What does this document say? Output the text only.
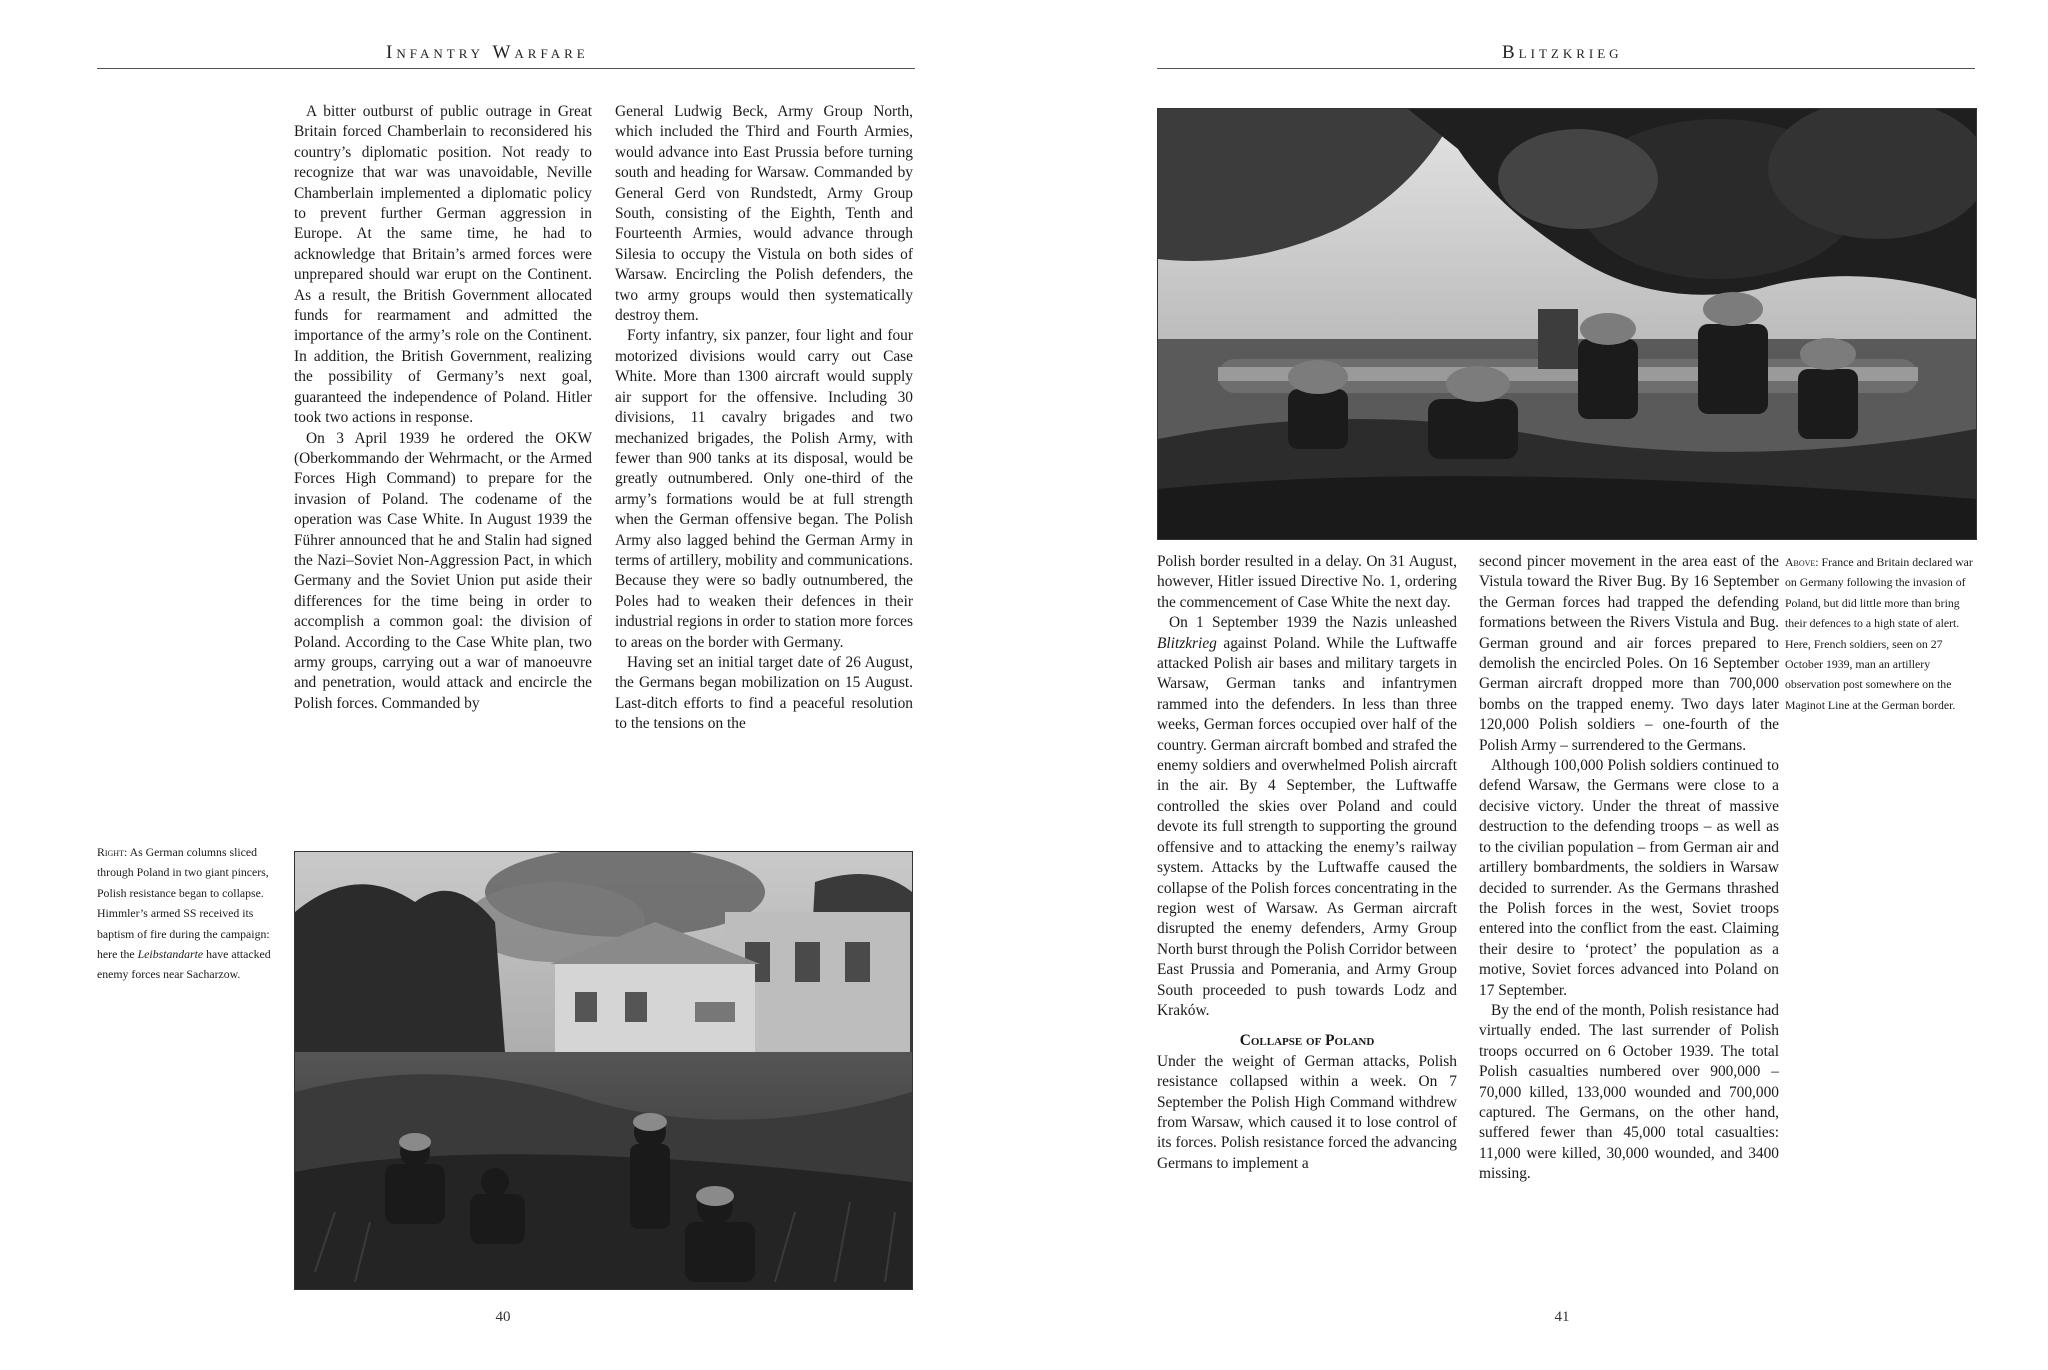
Infantry Warfare

A bitter outburst of public outrage in Great Britain forced Chamberlain to reconsidered his country’s diplomatic position. Not ready to recognize that war was unavoidable, Neville Chamberlain implemented a diplomatic policy to prevent further German aggression in Europe. At the same time, he had to acknowledge that Britain’s armed forces were unprepared should war erupt on the Continent. As a result, the British Government allocated funds for rearmament and admitted the importance of the army’s role on the Continent. In addition, the British Government, realizing the possibility of Germany’s next goal, guaranteed the independence of Poland. Hitler took two actions in response.

On 3 April 1939 he ordered the OKW (Oberkommando der Wehrmacht, or the Armed Forces High Command) to prepare for the invasion of Poland. The codename of the operation was Case White. In August 1939 the Führer announced that he and Stalin had signed the Nazi–Soviet Non-Aggression Pact, in which Germany and the Soviet Union put aside their differences for the time being in order to accomplish a common goal: the division of Poland. According to the Case White plan, two army groups, carrying out a war of manoeuvre and penetration, would attack and encircle the Polish forces. Commanded by

General Ludwig Beck, Army Group North, which included the Third and Fourth Armies, would advance into East Prussia before turning south and heading for Warsaw. Commanded by General Gerd von Rundstedt, Army Group South, consisting of the Eighth, Tenth and Fourteenth Armies, would advance through Silesia to occupy the Vistula on both sides of Warsaw. Encircling the Polish defenders, the two army groups would then systematically destroy them.

Forty infantry, six panzer, four light and four motorized divisions would carry out Case White. More than 1300 aircraft would supply air support for the offensive. Including 30 divisions, 11 cavalry brigades and two mechanized brigades, the Polish Army, with fewer than 900 tanks at its disposal, would be greatly outnumbered. Only one-third of the army’s formations would be at full strength when the German offensive began. The Polish Army also lagged behind the German Army in terms of artillery, mobility and communications. Because they were so badly outnumbered, the Poles had to weaken their defences in their industrial regions in order to station more forces to areas on the border with Germany.

Having set an initial target date of 26 August, the Germans began mobilization on 15 August. Last-ditch efforts to find a peaceful resolution to the tensions on the

Right: As German columns sliced through Poland in two giant pincers, Polish resistance began to collapse. Himmler’s armed SS received its baptism of fire during the campaign: here the Leibstandarte have attacked enemy forces near Sacharzow.
40
Blitzkrieg

Polish border resulted in a delay. On 31 August, however, Hitler issued Directive No. 1, ordering the commencement of Case White the next day.

On 1 September 1939 the Nazis unleashed Blitzkrieg against Poland. While the Luftwaffe attacked Polish air bases and military targets in Warsaw, German tanks and infantrymen rammed into the defenders. In less than three weeks, German forces occupied over half of the country. German aircraft bombed and strafed the enemy soldiers and overwhelmed Polish aircraft in the air. By 4 September, the Luftwaffe controlled the skies over Poland and could devote its full strength to supporting the ground offensive and to attacking the enemy’s railway system. Attacks by the Luftwaffe caused the collapse of the Polish forces concentrating in the region west of Warsaw. As German aircraft disrupted the enemy defenders, Army Group North burst through the Polish Corridor between East Prussia and Pomerania, and Army Group South proceeded to push towards Lodz and Kraków.

Collapse of Poland

Under the weight of German attacks, Polish resistance collapsed within a week. On 7 September the Polish High Command withdrew from Warsaw, which caused it to lose control of its forces. Polish resistance forced the advancing Germans to implement a

second pincer movement in the area east of the Vistula toward the River Bug. By 16 September the German forces had trapped the defending formations between the Rivers Vistula and Bug. German ground and air forces prepared to demolish the encircled Poles. On 16 September German aircraft dropped more than 700,000 bombs on the trapped enemy. Two days later 120,000 Polish soldiers – one-fourth of the Polish Army – surrendered to the Germans.

Although 100,000 Polish soldiers continued to defend Warsaw, the Germans were close to a decisive victory. Under the threat of massive destruction to the defending troops – as well as to the civilian population – from German air and artillery bombardments, the soldiers in Warsaw decided to surrender. As the Germans thrashed the Polish forces in the west, Soviet troops entered into the conflict from the east. Claiming their desire to ‘protect’ the population as a motive, Soviet forces advanced into Poland on 17 September.

By the end of the month, Polish resistance had virtually ended. The last surrender of Polish troops occurred on 6 October 1939. The total Polish casualties numbered over 900,000 – 70,000 killed, 133,000 wounded and 700,000 captured. The Germans, on the other hand, suffered fewer than 45,000 total casualties: 11,000 were killed, 30,000 wounded, and 3400 missing.

Above: France and Britain declared war on Germany following the invasion of Poland, but did little more than bring their defences to a high state of alert. Here, French soldiers, seen on 27 October 1939, man an artillery observation post somewhere on the Maginot Line at the German border.
41
